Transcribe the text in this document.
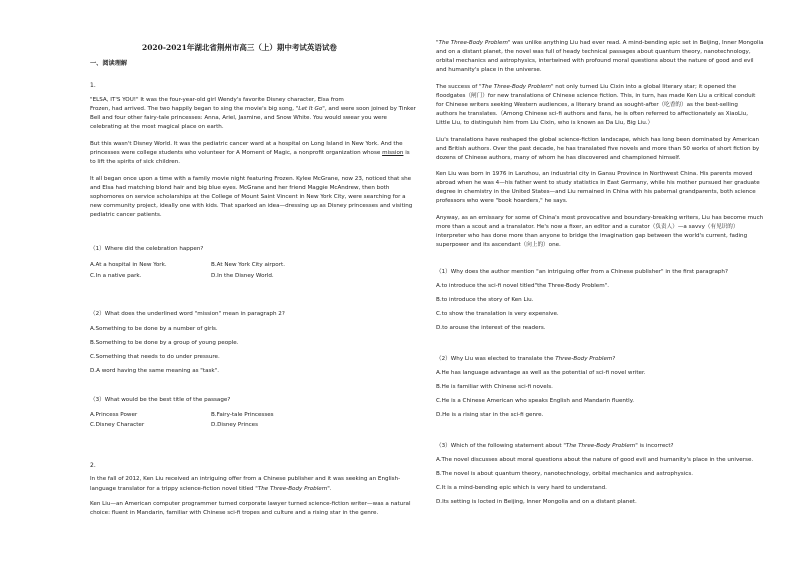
2020-2021年湖北省荆州市高三（上）期中考试英语试卷
一、阅读理解
1.
"ELSA, IT'S YOU!" It was the four-year-old girl Wendy's favorite Disney character, Elsa from
Frozen, had arrived. The two happily began to sing the movie's big song, "Let It Go", and were soon joined by Tinker
Bell and four other fairy-tale princesses: Anna, Ariel, Jasmine, and Snow White. You would swear you were
celebrating at the most magical place on earth.
But this wasn't Disney World. It was the pediatric cancer ward at a hospital on Long Island in New York. And the
princesses were college students who volunteer for A Moment of Magic, a nonprofit organization whose mission is
to lift the spirits of sick children.
It all began once upon a time with a family movie night featuring Frozen. Kylee McGrane, now 23, noticed that she
and Elsa had matching blond hair and big blue eyes. McGrane and her friend Maggie McAndrew, then both
sophomores on service scholarships at the College of Mount Saint Vincent in New York City, were searching for a
new community project, ideally one with kids. That sparked an idea—dressing up as Disney princesses and visiting
pediatric cancer patients.
（1）Where did the celebration happen?
A.At a hospital in New York.	B.At New York City airport.
C.In a native park.	D.In the Disney World.
（2）What does the underlined word "mission" mean in paragraph 2?
A.Something to be done by a number of girls.
B.Something to be done by a group of young people.
C.Something that needs to do under pressure.
D.A word having the same meaning as "task".
（3）What would be the best title of the passage?
A.Princess Power	B.Fairy-tale Princesses
C.Disney Character	D.Disney Princes
2.
In the fall of 2012, Ken Liu received an intriguing offer from a Chinese publisher and it was seeking an English-
language translator for a trippy science-fiction novel titled "The Three-Body Problem".
Ken Liu—an American computer programmer turned corporate lawyer turned science-fiction writer—was a natural
choice: fluent in Mandarin, familiar with Chinese sci-fi tropes and culture and a rising star in the genre.
"The Three-Body Problem" was unlike anything Liu had ever read. A mind-bending epic set in Beijing, Inner Mongolia
and on a distant planet, the novel was full of heady technical passages about quantum theory, nanotechnology,
orbital mechanics and astrophysics, intertwined with profound moral questions about the nature of good and evil
and humanity's place in the universe.
The success of "The Three-Body Problem" not only turned Liu Cixin into a global literary star; it opened the
floodgates（闸门）for new translations of Chinese science fiction. This, in turn, has made Ken Liu a critical conduit
for Chinese writers seeking Western audiences, a literary brand as sought-after（吃香的）as the best-selling
authors he translates.（Among Chinese sci-fi authors and fans, he is often referred to affectionately as XiaoLiu,
Little Liu, to distinguish him from Liu Cixin, who is known as Da Liu, Big Liu.）
Liu's translations have reshaped the global science-fiction landscape, which has long been dominated by American
and British authors. Over the past decade, he has translated five novels and more than 50 works of short fiction by
dozens of Chinese authors, many of whom he has discovered and championed himself.
Ken Liu was born in 1976 in Lanzhou, an industrial city in Gansu Province in Northwest China. His parents moved
abroad when he was 4—his father went to study statistics in East Germany, while his mother pursued her graduate
degree in chemistry in the United States—and Liu remained in China with his paternal grandparents, both science
professors who were "book hoarders," he says.
Anyway, as an emissary for some of China's most provocative and boundary-breaking writers, Liu has become much
more than a scout and a translator. He's now a fixer, an editor and a curator（负责人）—a savvy（有见识的）
interpreter who has done more than anyone to bridge the imagination gap between the world's current, fading
superpower and its ascendant（向上的）one.
（1）Why does the author mention "an intriguing offer from a Chinese publisher" in the first paragraph?
A.to introduce the sci-fi novel titled"the Three-Body Problem".
B.to introduce the story of Ken Liu.
C.to show the translation is very expensive.
D.to arouse the interest of the readers.
（2）Why Liu was elected to translate the Three-Body Problem?
A.He has language advantage as well as the potential of sci-fi novel writer.
B.He is familiar with Chinese sci-fi novels.
C.He is a Chinese American who speaks English and Mandarin fluently.
D.He is a rising star in the sci-fi genre.
（3）Which of the following statement about "The Three-Body Problem" is incorrect?
A.The novel discusses about moral questions about the nature of good evil and humanity's place in the universe.
B.The novel is about quantum theory, nanotechnology, orbital mechanics and astrophysics.
C.It is a mind-bending epic which is very hard to understand.
D.Its setting is locted in Beijing, Inner Mongolia and on a distant planet.
